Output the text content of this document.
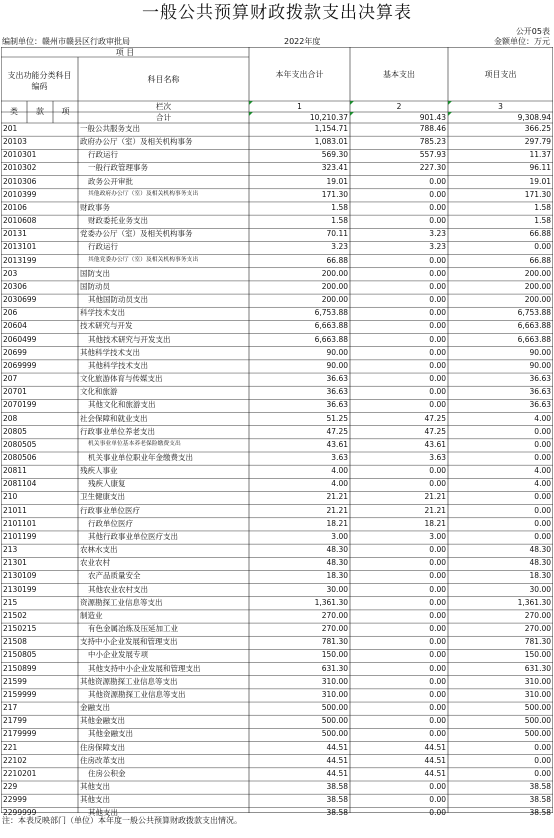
一般公共预算财政拨款支出决算表
公开05表
编制单位：赣州市赣县区行政审批局	2022年度	金额单位：万元
项 目
支出功能分类科目编码
科目名称
本年支出合计	基本支出	项目支出
类	款	项
栏次	1	2	3
合计	10,210.37	901.43	9,308.94
201	一般公共服务支出	1,154.71	788.46	366.25
20103	政府办公厅（室）及相关机构事务	1,083.01	785.23	297.79
2010301	行政运行	569.30	557.93	11.37
2010302	一般行政管理事务	323.41	227.30	96.11
2010306	政务公开审批	19.01	0.00	19.01
2010399	其他政府办公厅（室）及相关机构事务支出	171.30	0.00	171.30
20106	财政事务	1.58	0.00	1.58
2010608	财政委托业务支出	1.58	0.00	1.58
20131	党委办公厅（室）及相关机构事务	70.11	3.23	66.88
2013101	行政运行	3.23	3.23	0.00
2013199	其他党委办公厅（室）及相关机构事务支出	66.88	0.00	66.88
203	国防支出	200.00	0.00	200.00
20306	国防动员	200.00	0.00	200.00
2030699	其他国防动员支出	200.00	0.00	200.00
206	科学技术支出	6,753.88	0.00	6,753.88
20604	技术研究与开发	6,663.88	0.00	6,663.88
2060499	其他技术研究与开发支出	6,663.88	0.00	6,663.88
20699	其他科学技术支出	90.00	0.00	90.00
2069999	其他科学技术支出	90.00	0.00	90.00
207	文化旅游体育与传媒支出	36.63	0.00	36.63
20701	文化和旅游	36.63	0.00	36.63
2070199	其他文化和旅游支出	36.63	0.00	36.63
208	社会保障和就业支出	51.25	47.25	4.00
20805	行政事业单位养老支出	47.25	47.25	0.00
2080505	机关事业单位基本养老保险缴费支出	43.61	43.61	0.00
2080506	机关事业单位职业年金缴费支出	3.63	3.63	0.00
20811	残疾人事业	4.00	0.00	4.00
2081104	残疾人康复	4.00	0.00	4.00
210	卫生健康支出	21.21	21.21	0.00
21011	行政事业单位医疗	21.21	21.21	0.00
2101101	行政单位医疗	18.21	18.21	0.00
2101199	其他行政事业单位医疗支出	3.00	3.00	0.00
213	农林水支出	48.30	0.00	48.30
21301	农业农村	48.30	0.00	48.30
2130109	农产品质量安全	18.30	0.00	18.30
2130199	其他农业农村支出	30.00	0.00	30.00
215	资源勘探工业信息等支出	1,361.30	0.00	1,361.30
21502	制造业	270.00	0.00	270.00
2150215	有色金属冶炼及压延加工业	270.00	0.00	270.00
21508	支持中小企业发展和管理支出	781.30	0.00	781.30
2150805	中小企业发展专项	150.00	0.00	150.00
2150899	其他支持中小企业发展和管理支出	631.30	0.00	631.30
21599	其他资源勘探工业信息等支出	310.00	0.00	310.00
2159999	其他资源勘探工业信息等支出	310.00	0.00	310.00
217	金融支出	500.00	0.00	500.00
21799	其他金融支出	500.00	0.00	500.00
2179999	其他金融支出	500.00	0.00	500.00
221	住房保障支出	44.51	44.51	0.00
22102	住房改革支出	44.51	44.51	0.00
2210201	住房公积金	44.51	44.51	0.00
229	其他支出	38.58	0.00	38.58
22999	其他支出	38.58	0.00	38.58
2299999	其他支出	38.58	0.00	38.58
注：本表反映部门（单位）本年度一般公共预算财政拨款支出情况。
